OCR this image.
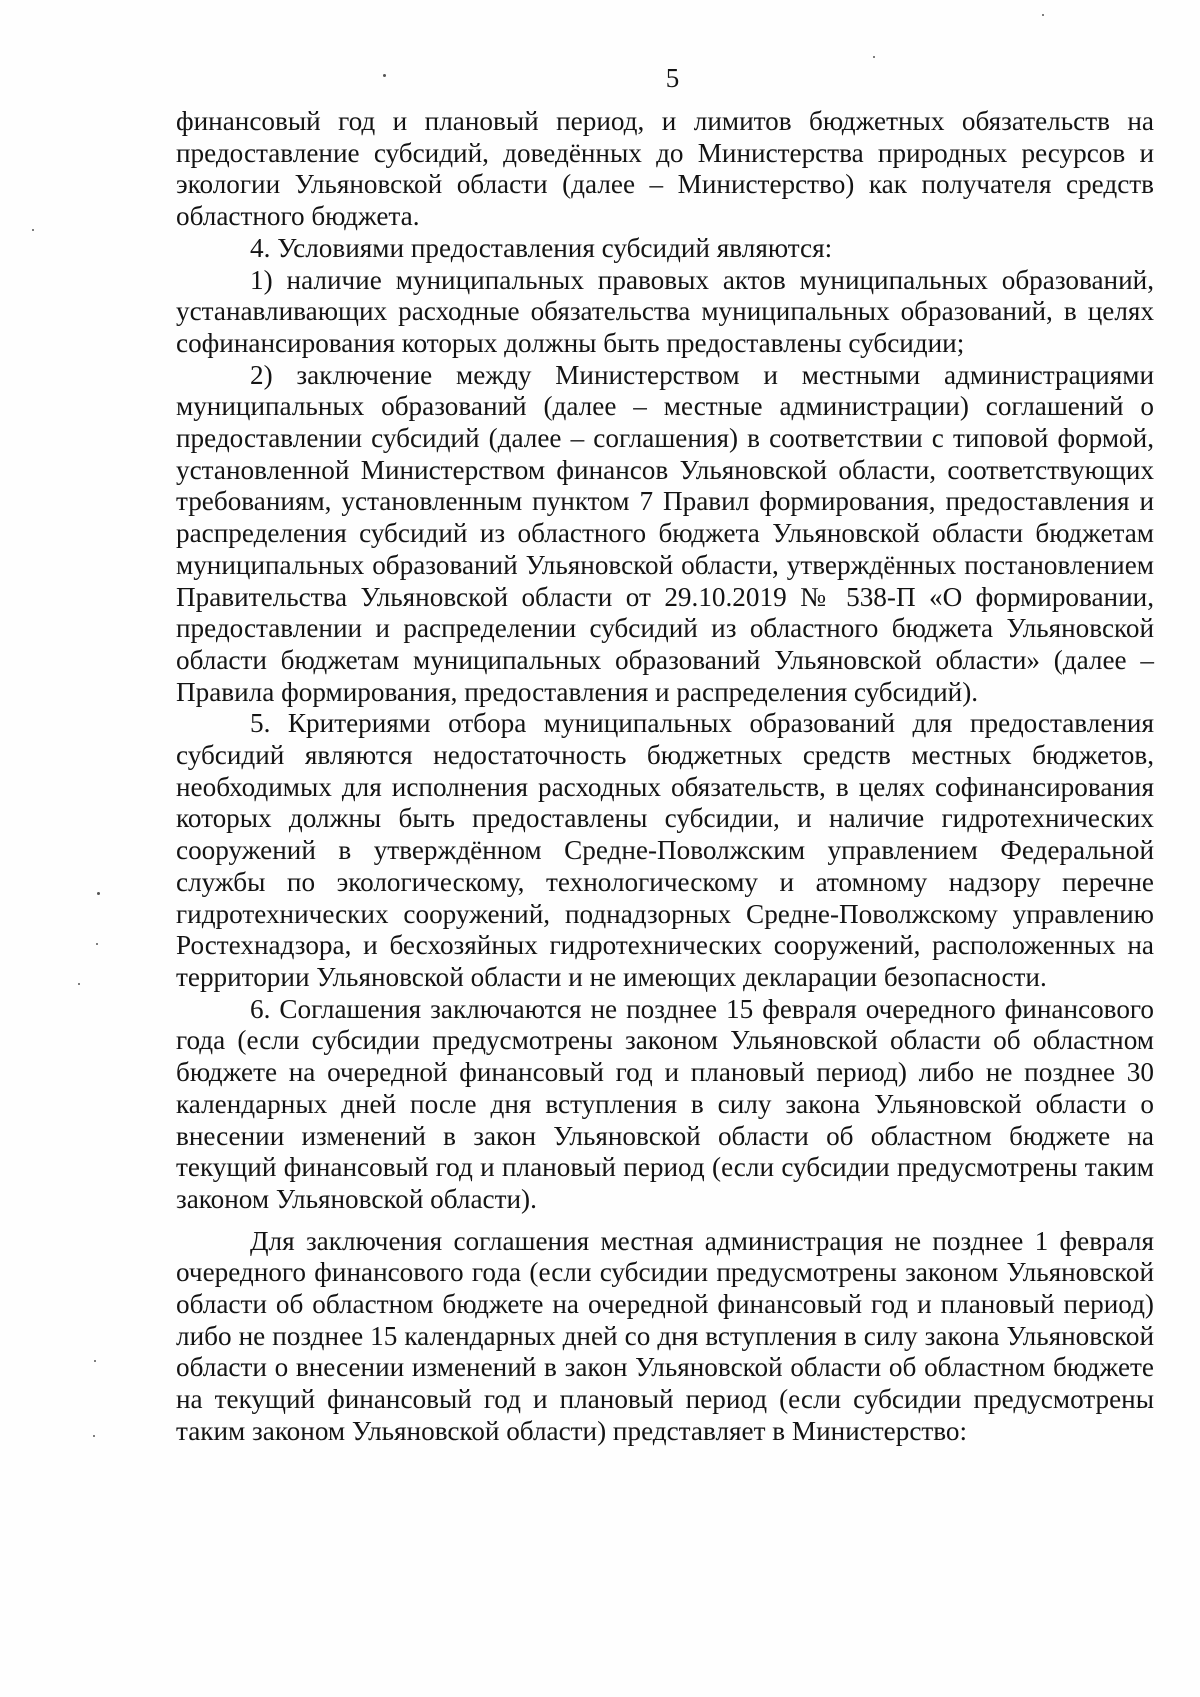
5

финансовый год и плановый период, и лимитов бюджетных обязательств на предоставление субсидий, доведённых до Министерства природных ресурсов и экологии Ульяновской области (далее – Министерство) как получателя средств областного бюджета.

4. Условиями предоставления субсидий являются:

1) наличие муниципальных правовых актов муниципальных образований, устанавливающих расходные обязательства муниципальных образований, в целях софинансирования которых должны быть предоставлены субсидии;

2) заключение между Министерством и местными администрациями муниципальных образований (далее – местные администрации) соглашений о предоставлении субсидий (далее – соглашения) в соответствии с типовой формой, установленной Министерством финансов Ульяновской области, соответствующих требованиям, установленным пунктом 7 Правил формирования, предоставления и распределения субсидий из областного бюджета Ульяновской области бюджетам муниципальных образований Ульяновской области, утверждённых постановлением Правительства Ульяновской области от 29.10.2019 № 538-П «О формировании, предоставлении и распределении субсидий из областного бюджета Ульяновской области бюджетам муниципальных образований Ульяновской области» (далее – Правила формирования, предоставления и распределения субсидий).

5. Критериями отбора муниципальных образований для предоставления субсидий являются недостаточность бюджетных средств местных бюджетов, необходимых для исполнения расходных обязательств, в целях софинансирования которых должны быть предоставлены субсидии, и наличие гидротехнических сооружений в утверждённом Средне-Поволжским управлением Федеральной службы по экологическому, технологическому и атомному надзору перечне гидротехнических сооружений, поднадзорных Средне-Поволжскому управлению Ростехнадзора, и бесхозяйных гидротехнических сооружений, расположенных на территории Ульяновской области и не имеющих декларации безопасности.

6. Соглашения заключаются не позднее 15 февраля очередного финансового года (если субсидии предусмотрены законом Ульяновской области об областном бюджете на очередной финансовый год и плановый период) либо не позднее 30 календарных дней после дня вступления в силу закона Ульяновской области о внесении изменений в закон Ульяновской области об областном бюджете на текущий финансовый год и плановый период (если субсидии предусмотрены таким законом Ульяновской области).

Для заключения соглашения местная администрация не позднее 1 февраля очередного финансового года (если субсидии предусмотрены законом Ульяновской области об областном бюджете на очередной финансовый год и плановый период) либо не позднее 15 календарных дней со дня вступления в силу закона Ульяновской области о внесении изменений в закон Ульяновской области об областном бюджете на текущий финансовый год и плановый период (если субсидии предусмотрены таким законом Ульяновской области) представляет в Министерство:
